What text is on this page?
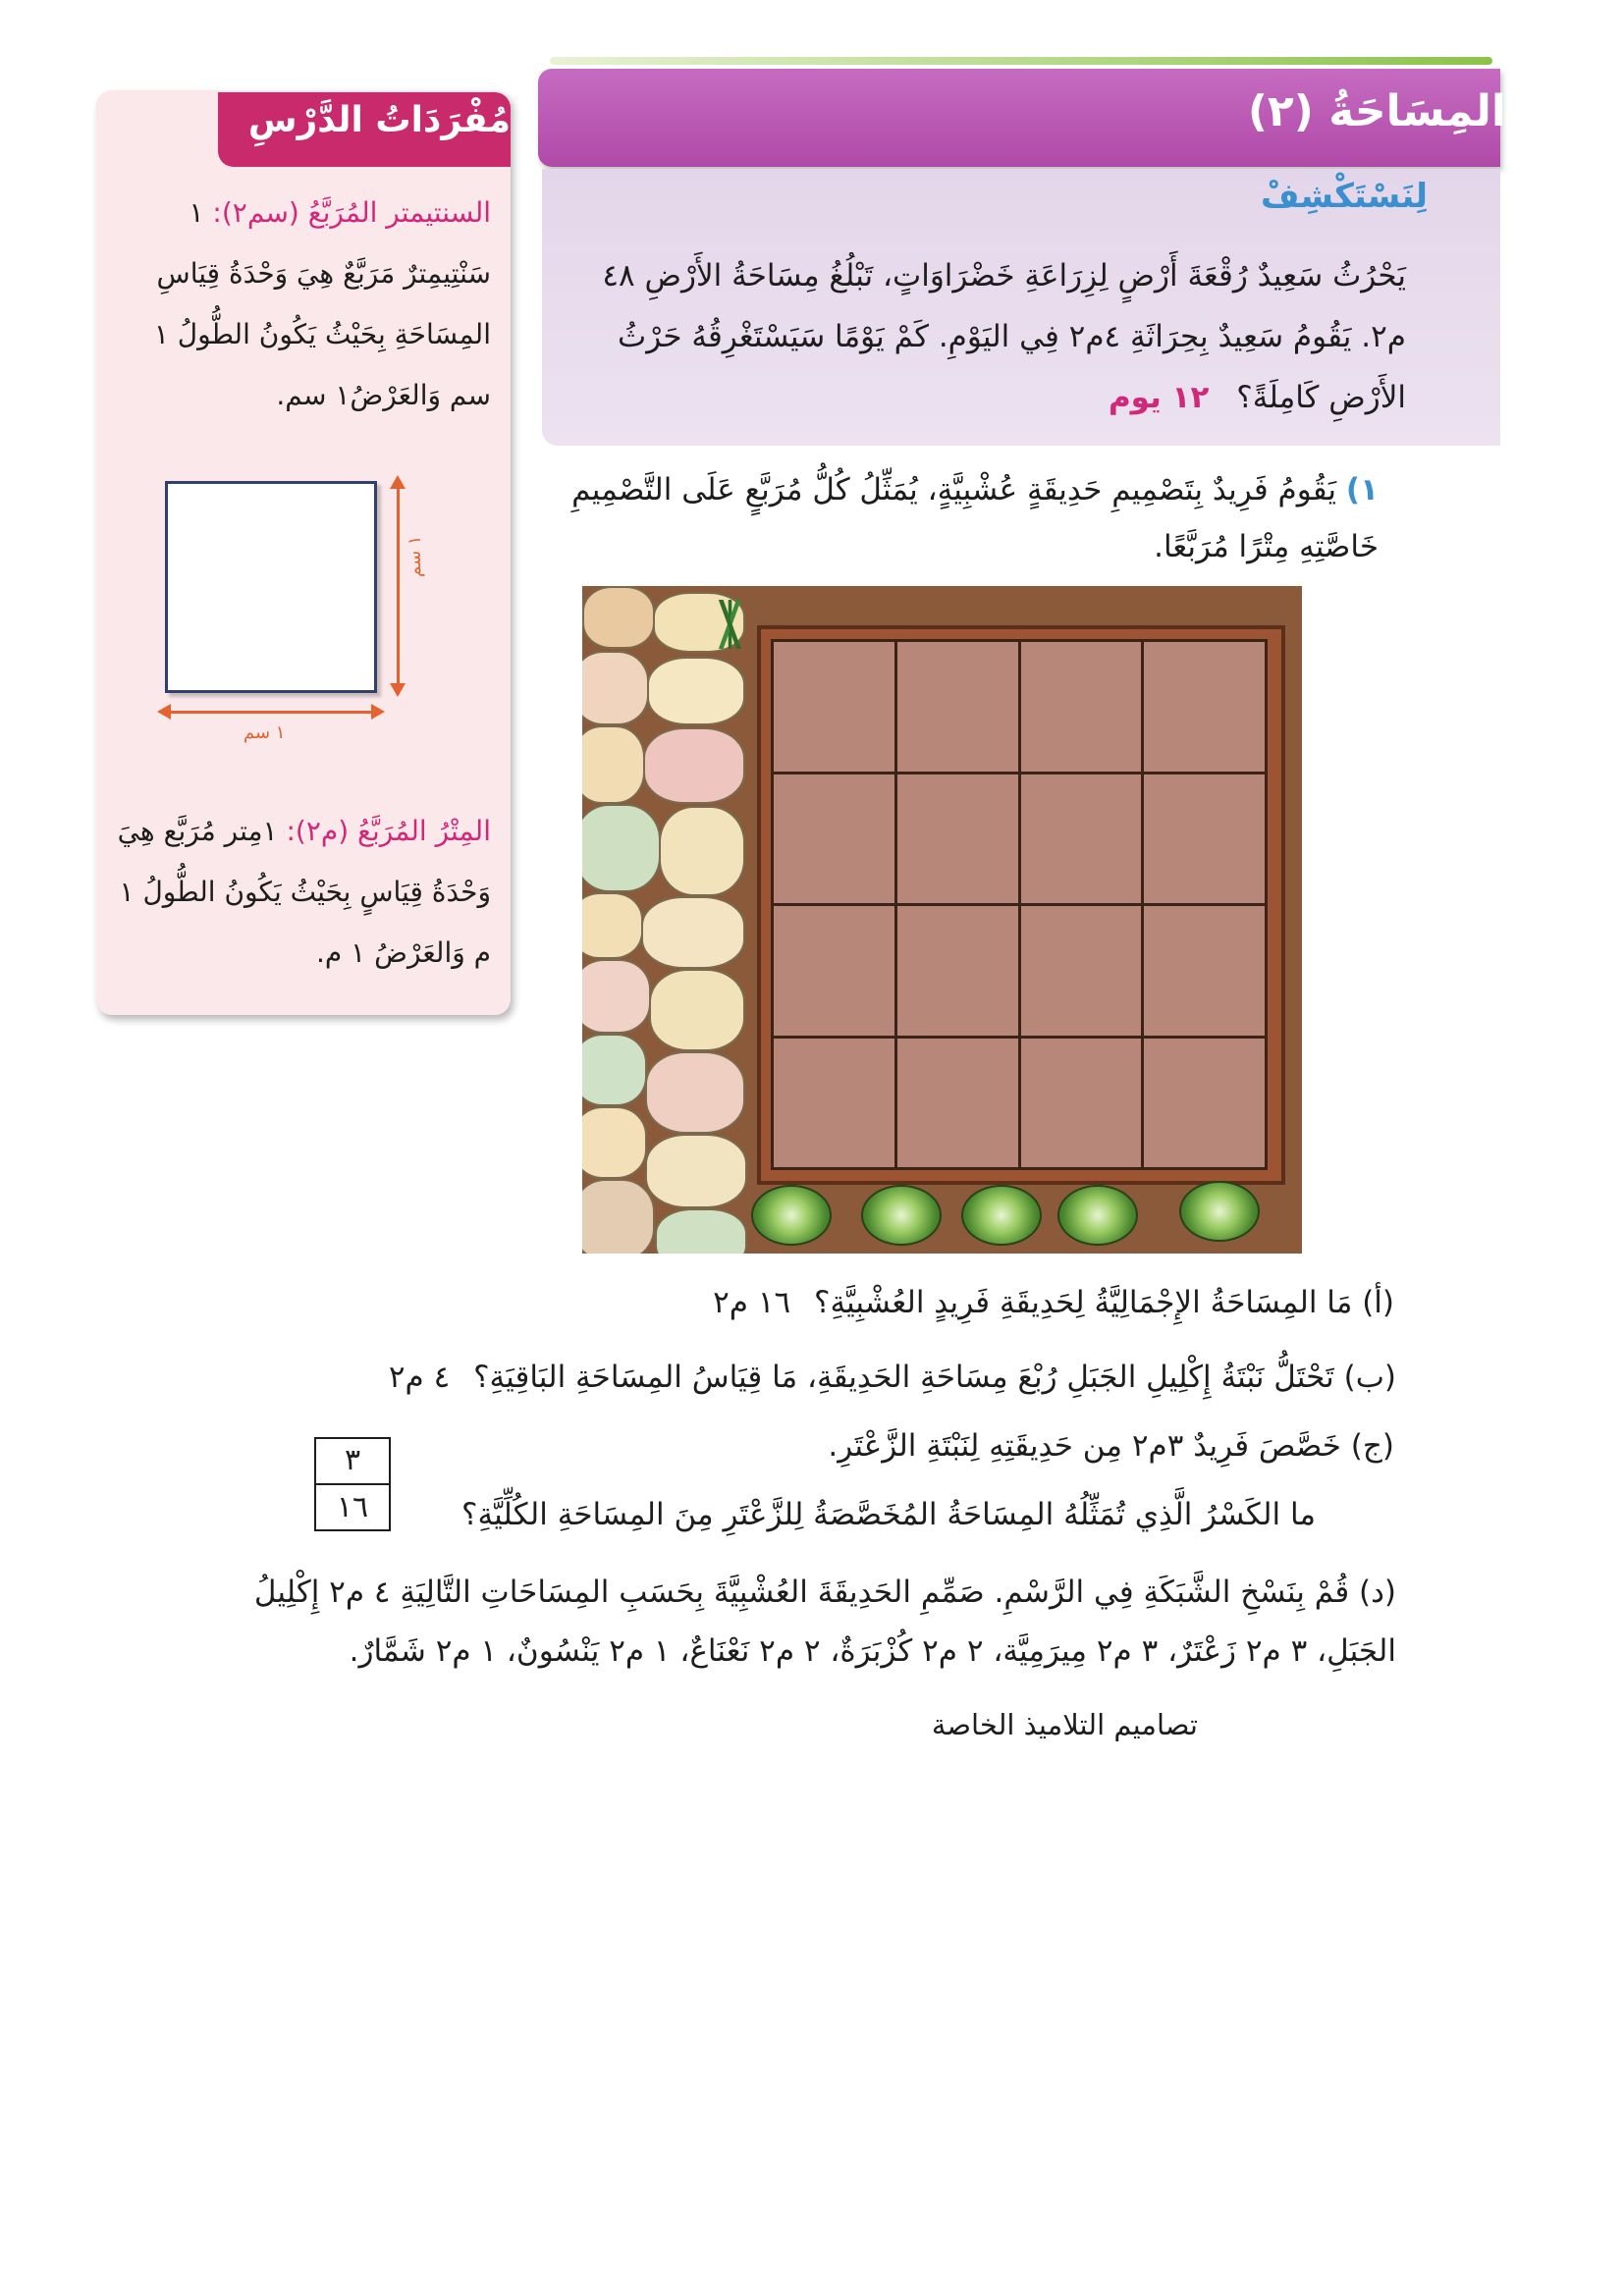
المِسَاحَةُ (٢)
لِنَسْتَكْشِفْ
يَحْرُثُ سَعِيدٌ رُقْعَةَ أَرْضٍ لِزِرَاعَةِ خَضْرَاوَاتٍ، تَبْلُغُ مِسَاحَةُ الأَرْضِ ٤٨ م٢. يَقُومُ سَعِيدٌ بِحِرَاثَةِ ٤م٢ فِي اليَوْمِ. كَمْ يَوْمًا سَيَسْتَغْرِقُهُ حَرْثُ الأَرْضِ كَامِلَةً؟ ١٢ يوم
مُفْرَدَاتُ الدَّرْسِ
السنتيمتر المُرَبَّعُ (سم٢): ١ سَنْتِيمِترٌ مَرَبَّعٌ هِيَ وَحْدَةُ قِيَاسِ المِسَاحَةِ بِحَيْثُ يَكُونُ الطُّولُ ١ سم وَالعَرْضُ١ سم.
١ سم
١ سم
المِتْرُ المُرَبَّعُ (م٢): ١مِتر مُرَبَّع هِيَ وَحْدَةُ قِيَاسٍ بِحَيْثُ يَكُونُ الطُّولُ ١ م وَالعَرْضُ ١ م.
١) يَقُومُ فَرِيدٌ بِتَصْمِيمِ حَدِيقَةٍ عُشْبِيَّةٍ، يُمَثِّلُ كُلُّ مُرَبَّعٍ عَلَى التَّصْمِيمِ خَاصَّتِهِ مِتْرًا مُرَبَّعًا.
(أ) مَا المِسَاحَةُ الإِجْمَالِيَّةُ لِحَدِيقَةِ فَرِيدٍ العُشْبِيَّةِ؟ ١٦ م٢
(ب) تَحْتَلُّ نَبْتَةُ إِكْلِيلِ الجَبَلِ رُبْعَ مِسَاحَةِ الحَدِيقَةِ، مَا قِيَاسُ المِسَاحَةِ البَاقِيَةِ؟ ٤ م٢
(ج) خَصَّصَ فَرِيدٌ ٣م٢ مِن حَدِيقَتِهِ لِنَبْتَةِ الزَّعْتَرِ.
ما الكَسْرُ الَّذِي تُمَثِّلُهُ المِسَاحَةُ المُخَصَّصَةُ لِلزَّعْتَرِ مِنَ المِسَاحَةِ الكُلِّيَّةِ؟
٣
١٦
(د) قُمْ بِنَسْخِ الشَّبَكَةِ فِي الرَّسْمِ. صَمِّمِ الحَدِيقَةَ العُشْبِيَّةَ بِحَسَبِ المِسَاحَاتِ التَّالِيَةِ ٤ م٢ إِكْلِيلُ الجَبَلِ، ٣ م٢ زَعْتَرٌ، ٣ م٢ مِيرَمِيَّة، ٢ م٢ كُزْبَرَةٌ، ٢ م٢ نَعْنَاعٌ، ١ م٢ يَنْسُونٌ، ١ م٢ شَمَّارٌ.
تصاميم التلاميذ الخاصة
